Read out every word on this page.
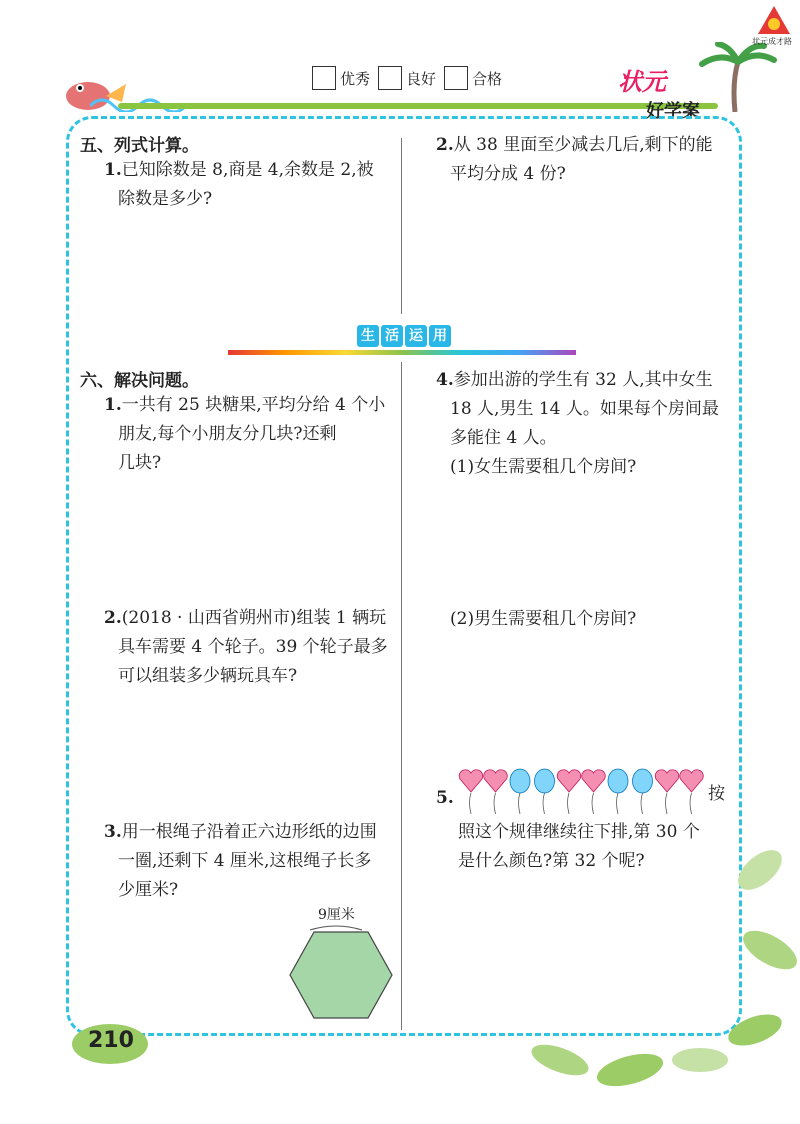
优秀 良好 合格	状元
好学案
状元成才路
五、列式计算。
1.已知除数是 8,商是 4,余数是 2,被
除数是多少?
2.从 38 里面至少减去几后,剩下的能
平均分成 4 份?
生 活 运 用
六、解决问题。
1.一共有 25 块糖果,平均分给 4 个小
朋友,每个小朋友分几块?还剩
几块?
2.(2018 · 山西省朔州市)组装 1 辆玩
具车需要 4 个轮子。39 个轮子最多
可以组装多少辆玩具车?
3.用一根绳子沿着正六边形纸的边围
一圈,还剩下 4 厘米,这根绳子长多
少厘米?
9厘米
4.参加出游的学生有 32 人,其中女生
18 人,男生 14 人。如果每个房间最
多能住 4 人。
(1)女生需要租几个房间?
(2)男生需要租几个房间?
5.	按
照这个规律继续往下排,第 30 个
是什么颜色?第 32 个呢?
210
